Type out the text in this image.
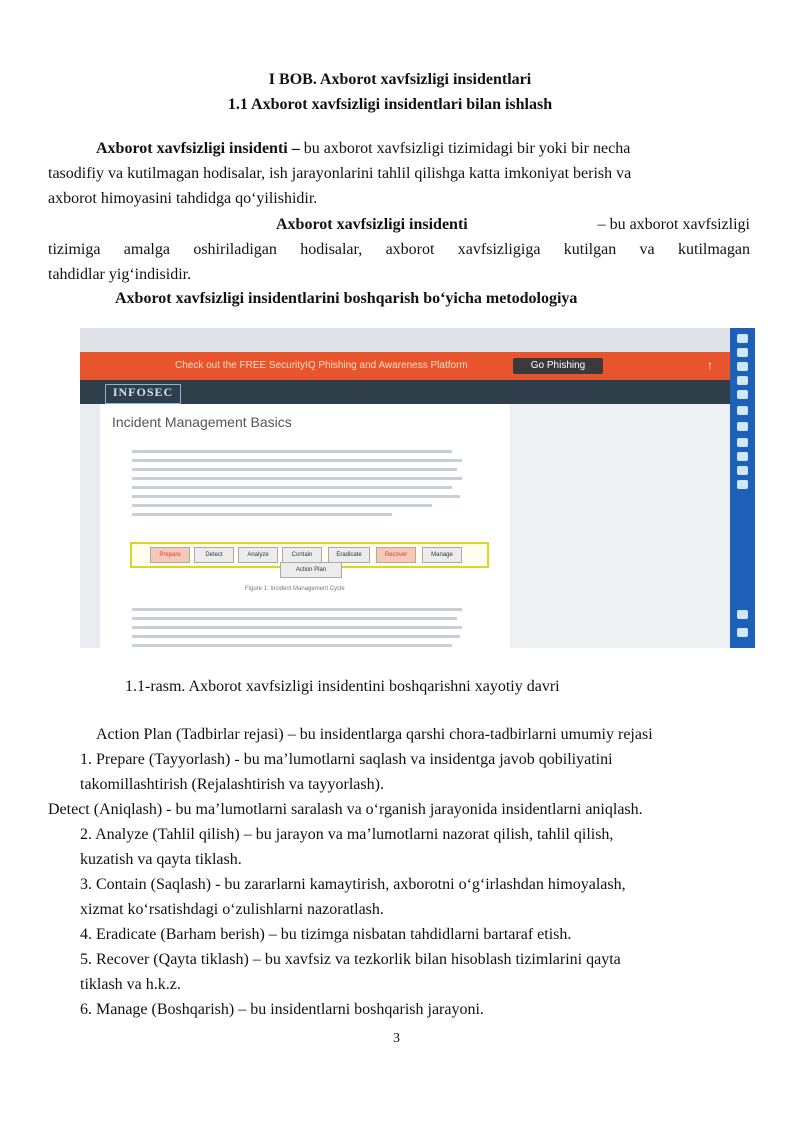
I BOB. Axborot xavfsizligi insidentlari
1.1 Axborot xavfsizligi insidentlari bilan ishlash
Axborot xavfsizligi insidenti – bu axborot xavfsizligi tizimidagi bir yoki bir necha
tasodifiy va kutilmagan hodisalar, ish jarayonlarini tahlil qilishga katta imkoniyat berish va
axborot himoyasini tahdidga qo‘yilishidir.
Axborot xavfsizligi insidenti	– bu axborot xavfsizligi
tizimiga amalga oshiriladigan hodisalar, axborot xavfsizligiga kutilgan va kutilmagan
tahdidlar yig‘indisidir.
Axborot xavfsizligi insidentlarini boshqarish bo‘yicha metodologiya
Check out the FREE SecurityIQ Phishing and Awareness Platform	Go Phishing	↑
INFOSEC
Incident Management Basics
Prepare	Detect	Analyze	Contain	Eradicate	Recover	Manage
Action Plan
Figure 1: Incident Management Cycle
1.1-rasm. Axborot xavfsizligi insidentini boshqarishni xayotiy davri
Action Plan (Tadbirlar rejasi) – bu insidentlarga qarshi chora-tadbirlarni umumiy rejasi
1. Prepare (Tayyorlash) - bu ma’lumotlarni saqlash va insidentga javob qobiliyatini
takomillashtirish (Rejalashtirish va tayyorlash).
Detect (Aniqlash) - bu ma’lumotlarni saralash va o‘rganish jarayonida insidentlarni aniqlash.
2. Analyze (Tahlil qilish) – bu jarayon va ma’lumotlarni nazorat qilish, tahlil qilish,
kuzatish va qayta tiklash.
3. Contain (Saqlash) - bu zararlarni kamaytirish, axborotni o‘g‘irlashdan himoyalash,
xizmat ko‘rsatishdagi o‘zulishlarni nazoratlash.
4. Eradicate (Barham berish) – bu tizimga nisbatan tahdidlarni bartaraf etish.
5. Recover (Qayta tiklash) – bu xavfsiz va tezkorlik bilan hisoblash tizimlarini qayta
tiklash va h.k.z.
6. Manage (Boshqarish) – bu insidentlarni boshqarish jarayoni.
3
